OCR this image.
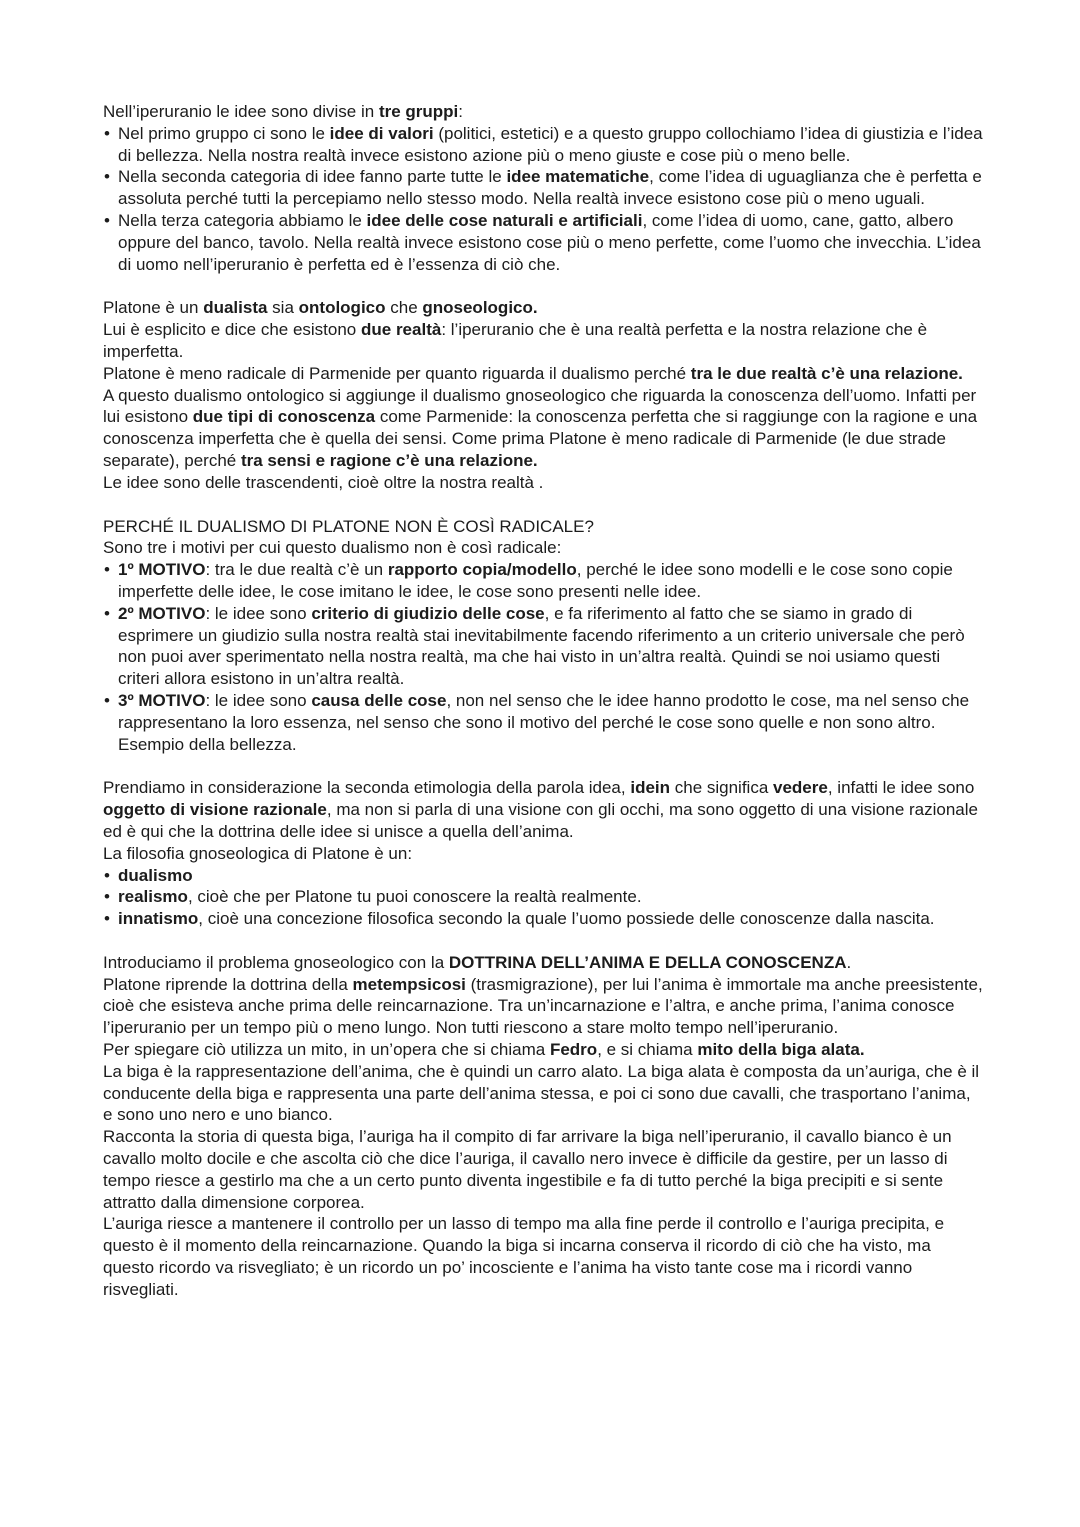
Nell’iperuranio le idee sono divise in tre gruppi:

• Nel primo gruppo ci sono le idee di valori (politici, estetici) e a questo gruppo collochiamo l’idea di giustizia e l’idea di bellezza. Nella nostra realtà invece esistono azione più o meno giuste e cose più o meno belle.
• Nella seconda categoria di idee fanno parte tutte le idee matematiche, come l’idea di uguaglianza che è perfetta e assoluta perché tutti la percepiamo nello stesso modo. Nella realtà invece esistono cose più o meno uguali.
• Nella terza categoria abbiamo le idee delle cose naturali e artificiali, come l’idea di uomo, cane, gatto, albero oppure del banco, tavolo. Nella realtà invece esistono cose più o meno perfette, come l’uomo che invecchia. L’idea di uomo nell’iperuranio è perfetta ed è l’essenza di ciò che.

Platone è un dualista sia ontologico che gnoseologico.

Lui è esplicito e dice che esistono due realtà: l’iperuranio che è una realtà perfetta e la nostra relazione che è imperfetta.

Platone è meno radicale di Parmenide per quanto riguarda il dualismo perché tra le due realtà c’è una relazione.

A questo dualismo ontologico si aggiunge il dualismo gnoseologico che riguarda la conoscenza dell’uomo. Infatti per lui esistono due tipi di conoscenza come Parmenide: la conoscenza perfetta che si raggiunge con la ragione e una conoscenza imperfetta che è quella dei sensi. Come prima Platone è meno radicale di Parmenide (le due strade separate), perché tra sensi e ragione c’è una relazione.

Le idee sono delle trascendenti, cioè oltre la nostra realtà .

PERCHÉ IL DUALISMO DI PLATONE NON È COSÌ RADICALE?

Sono tre i motivi per cui questo dualismo non è così radicale:

• 1º MOTIVO: tra le due realtà c’è un rapporto copia/modello, perché le idee sono modelli e le cose sono copie imperfette delle idee, le cose imitano le idee, le cose sono presenti nelle idee.
• 2º MOTIVO: le idee sono criterio di giudizio delle cose, e fa riferimento al fatto che se siamo in grado di esprimere un giudizio sulla nostra realtà stai inevitabilmente facendo riferimento a un criterio universale che però non puoi aver sperimentato nella nostra realtà, ma che hai visto in un’altra realtà. Quindi se noi usiamo questi criteri allora esistono in un’altra realtà.
• 3º MOTIVO: le idee sono causa delle cose, non nel senso che le idee hanno prodotto le cose, ma nel senso che rappresentano la loro essenza, nel senso che sono il motivo del perché le cose sono quelle e non sono altro. Esempio della bellezza.

Prendiamo in considerazione la seconda etimologia della parola idea, idein che significa vedere, infatti le idee sono oggetto di visione razionale, ma non si parla di una visione con gli occhi, ma sono oggetto di una visione razionale ed è qui che la dottrina delle idee si unisce a quella dell’anima.

La filosofia gnoseologica di Platone è un:

• dualismo
• realismo, cioè che per Platone tu puoi conoscere la realtà realmente.
• innatismo, cioè una concezione filosofica secondo la quale l’uomo possiede delle conoscenze dalla nascita.

Introduciamo il problema gnoseologico con la DOTTRINA DELL’ANIMA E DELLA CONOSCENZA.

Platone riprende la dottrina della metempsicosi (trasmigrazione), per lui l’anima è immortale ma anche preesistente, cioè che esisteva anche prima delle reincarnazione. Tra un’incarnazione e l’altra, e anche prima, l’anima conosce l’iperuranio per un tempo più o meno lungo. Non tutti riescono a stare molto tempo nell’iperuranio.

Per spiegare ciò utilizza un mito, in un’opera che si chiama Fedro, e si chiama mito della biga alata.

La biga è la rappresentazione dell’anima, che è quindi un carro alato. La biga alata è composta da un’auriga, che è il conducente della biga e rappresenta una parte dell’anima stessa, e poi ci sono due cavalli, che trasportano l’anima, e sono uno nero e uno bianco.

Racconta la storia di questa biga, l’auriga ha il compito di far arrivare la biga nell’iperuranio, il cavallo bianco è un cavallo molto docile e che ascolta ciò che dice l’auriga, il cavallo nero invece è difficile da gestire, per un lasso di tempo riesce a gestirlo ma che a un certo punto diventa ingestibile e fa di tutto perché la biga precipiti e si sente attratto dalla dimensione corporea.

L’auriga riesce a mantenere il controllo per un lasso di tempo ma alla fine perde il controllo e l’auriga precipita, e questo è il momento della reincarnazione. Quando la biga si incarna conserva il ricordo di ciò che ha visto, ma questo ricordo va risvegliato; è un ricordo un po’ incosciente e l’anima ha visto tante cose ma i ricordi vanno risvegliati.
